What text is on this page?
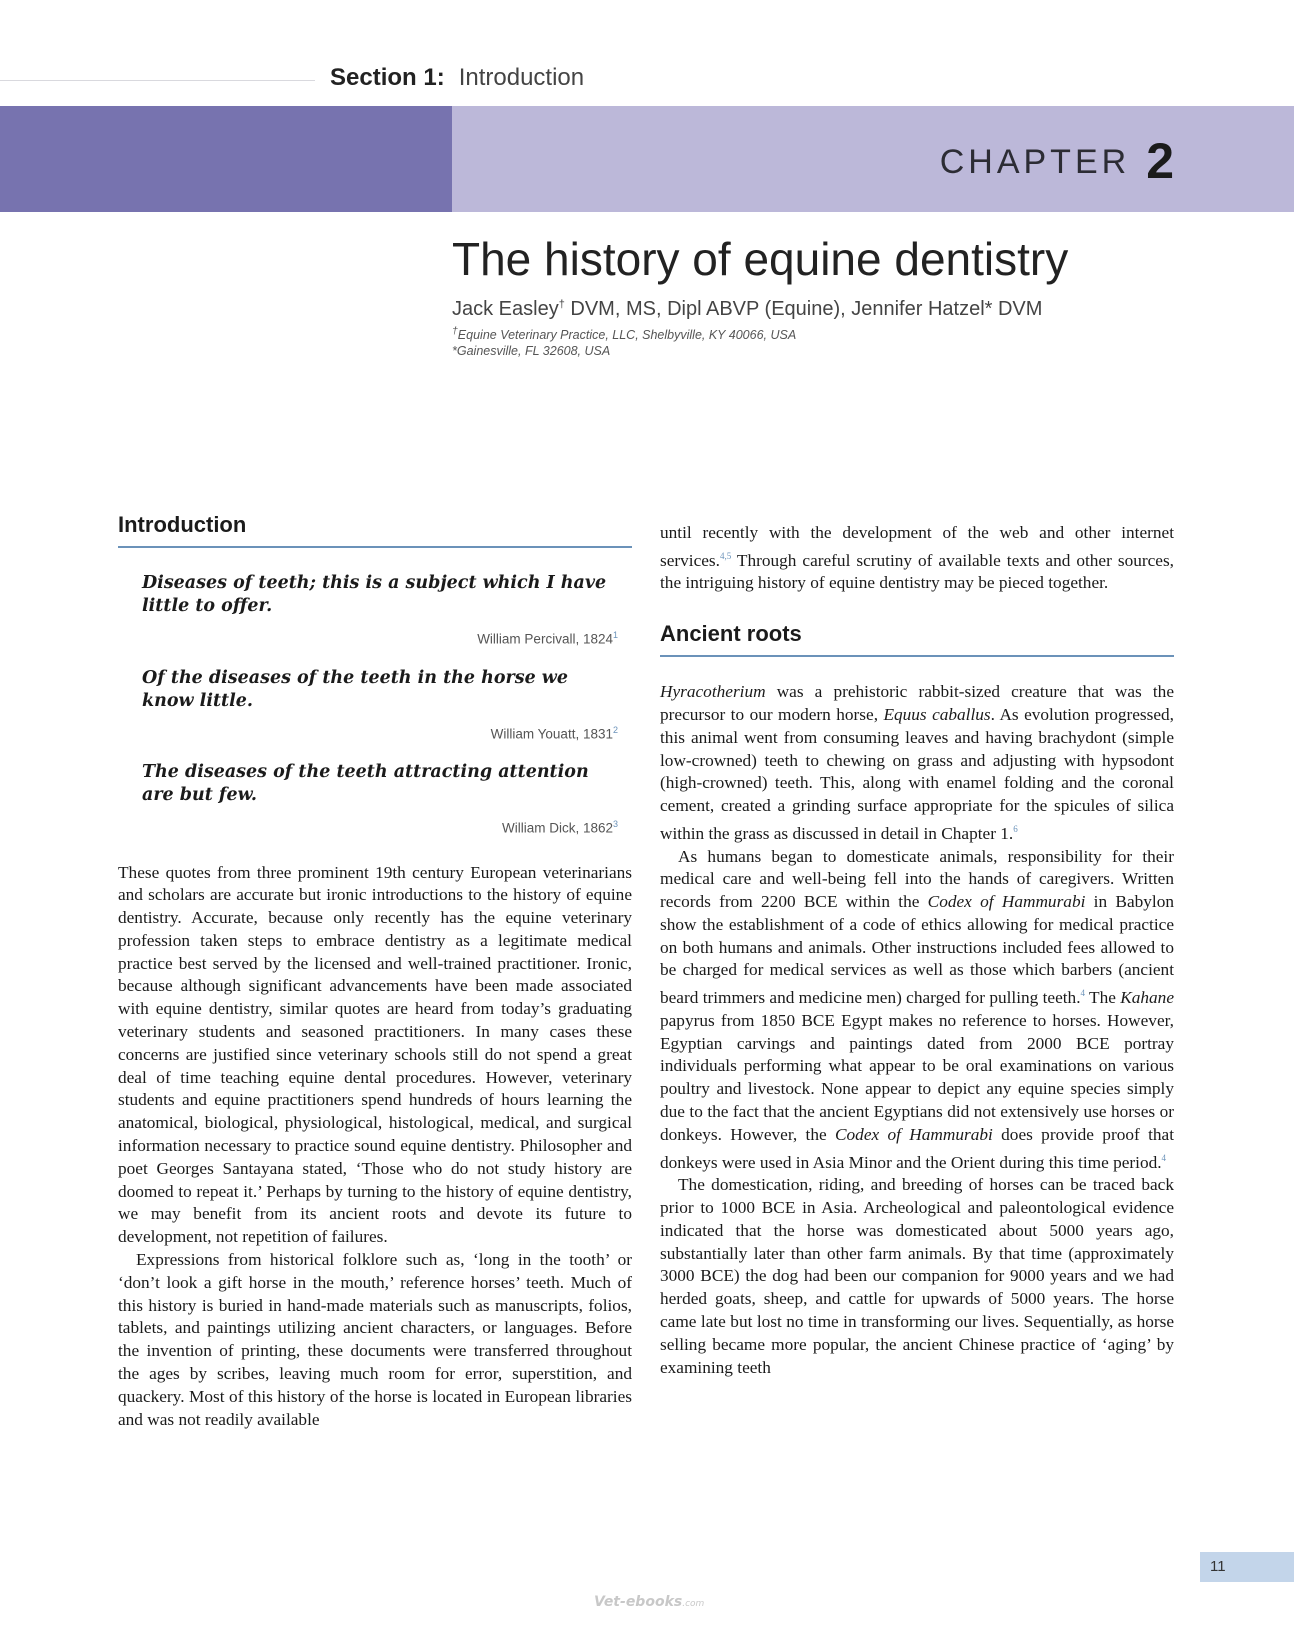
Section 1: Introduction
CHAPTER 2
The history of equine dentistry
Jack Easley† DVM, MS, Dipl ABVP (Equine), Jennifer Hatzel* DVM
†Equine Veterinary Practice, LLC, Shelbyville, KY 40066, USA
*Gainesville, FL 32608, USA
Introduction

Diseases of teeth; this is a subject which I have little to offer.

William Percivall, 1824$^1$

Of the diseases of the teeth in the horse we know little.

William Youatt, 1831$^2$

The diseases of the teeth attracting attention are but few.

William Dick, 1862$^3$

These quotes from three prominent 19th century European veterinarians and scholars are accurate but ironic introductions to the history of equine dentistry. Accurate, because only recently has the equine veterinary profession taken steps to embrace dentistry as a legitimate medical practice best served by the licensed and well-trained practitioner. Ironic, because although significant advancements have been made associated with equine dentistry, similar quotes are heard from today’s graduating veterinary students and seasoned practitioners. In many cases these concerns are justified since veterinary schools still do not spend a great deal of time teaching equine dental procedures. However, veterinary students and equine practitioners spend hundreds of hours learning the anatomical, biological, physiological, histological, medical, and surgical information necessary to practice sound equine dentistry. Philosopher and poet Georges Santayana stated, ‘Those who do not study history are doomed to repeat it.’ Perhaps by turning to the history of equine dentistry, we may benefit from its ancient roots and devote its future to development, not repetition of failures.

Expressions from historical folklore such as, ‘long in the tooth’ or ‘don’t look a gift horse in the mouth,’ reference horses’ teeth. Much of this history is buried in hand-made materials such as manuscripts, folios, tablets, and paintings utilizing ancient characters, or languages. Before the invention of printing, these documents were transferred throughout the ages by scribes, leaving much room for error, superstition, and quackery. Most of this history of the horse is located in European libraries and was not readily available

until recently with the development of the web and other internet services.$^{4,5}$ Through careful scrutiny of available texts and other sources, the intriguing history of equine dentistry may be pieced together.

Ancient roots

Hyracotherium was a prehistoric rabbit-sized creature that was the precursor to our modern horse, Equus caballus. As evolution progressed, this animal went from consuming leaves and having brachydont (simple low-crowned) teeth to chewing on grass and adjusting with hypsodont (high-crowned) teeth. This, along with enamel folding and the coronal cement, created a grinding surface appropriate for the spicules of silica within the grass as discussed in detail in Chapter 1.$^6$

As humans began to domesticate animals, responsibility for their medical care and well-being fell into the hands of caregivers. Written records from 2200 BCE within the Codex of Hammurabi in Babylon show the establishment of a code of ethics allowing for medical practice on both humans and animals. Other instructions included fees allowed to be charged for medical services as well as those which barbers (ancient beard trimmers and medicine men) charged for pulling teeth.$^4$ The Kahane papyrus from 1850 BCE Egypt makes no reference to horses. However, Egyptian carvings and paintings dated from 2000 BCE portray individuals performing what appear to be oral examinations on various poultry and livestock. None appear to depict any equine species simply due to the fact that the ancient Egyptians did not extensively use horses or donkeys. However, the Codex of Hammurabi does provide proof that donkeys were used in Asia Minor and the Orient during this time period.$^4$

The domestication, riding, and breeding of horses can be traced back prior to 1000 BCE in Asia. Archeological and paleontological evidence indicated that the horse was domesticated about 5000 years ago, substantially later than other farm animals. By that time (approximately 3000 BCE) the dog had been our companion for 9000 years and we had herded goats, sheep, and cattle for upwards of 5000 years. The horse came late but lost no time in transforming our lives. Sequentially, as horse selling became more popular, the ancient Chinese practice of ‘aging’ by examining teeth

11
Vet-ebooks.com
